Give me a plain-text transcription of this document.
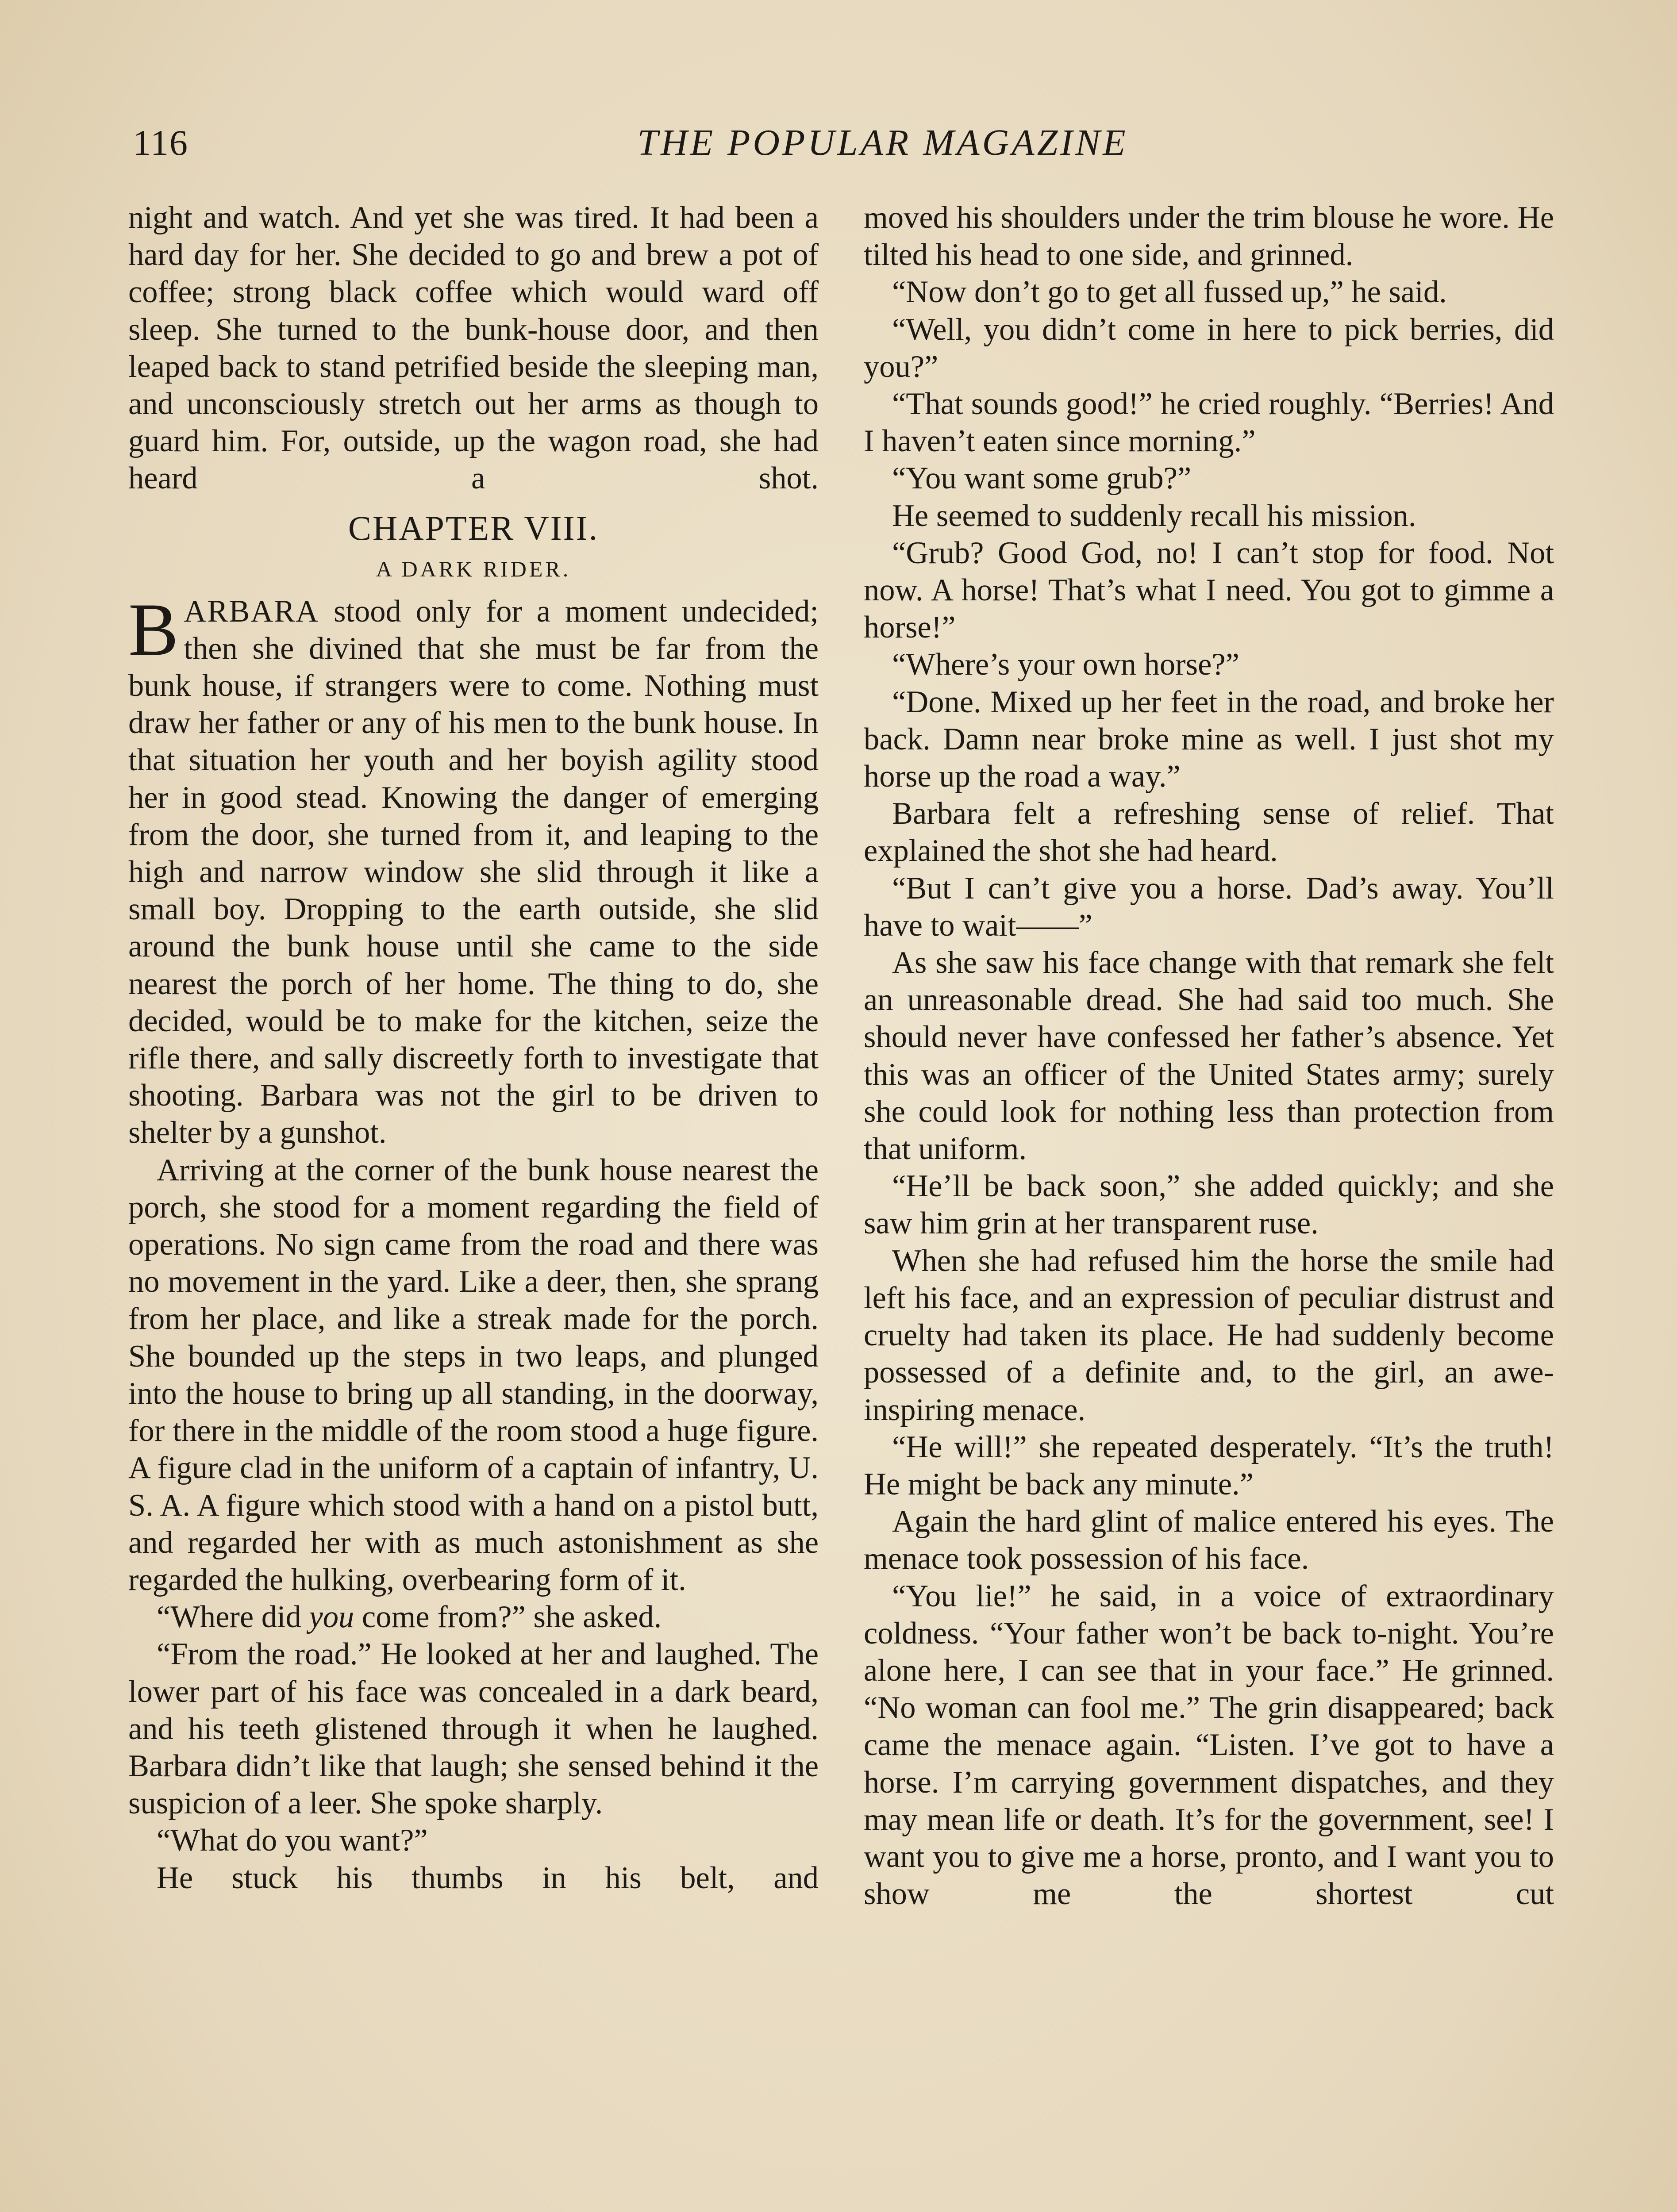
116	THE POPULAR MAGAZINE

night and watch. And yet she was tired. It had been a hard day for her. She decided to go and brew a pot of coffee; strong black coffee which would ward off sleep. She turned to the bunk-house door, and then leaped back to stand petrified beside the sleeping man, and unconsciously stretch out her arms as though to guard him. For, outside, up the wagon road, she had heard a shot.

CHAPTER VIII.
A DARK RIDER.

BARBARA stood only for a moment undecided; then she divined that she must be far from the bunk house, if strangers were to come. Nothing must draw her father or any of his men to the bunk house. In that situation her youth and her boyish agility stood her in good stead. Knowing the danger of emerging from the door, she turned from it, and leaping to the high and narrow window she slid through it like a small boy. Dropping to the earth outside, she slid around the bunk house until she came to the side nearest the porch of her home. The thing to do, she decided, would be to make for the kitchen, seize the rifle there, and sally discreetly forth to investigate that shooting. Barbara was not the girl to be driven to shelter by a gunshot.

Arriving at the corner of the bunk house nearest the porch, she stood for a moment regarding the field of operations. No sign came from the road and there was no movement in the yard. Like a deer, then, she sprang from her place, and like a streak made for the porch. She bounded up the steps in two leaps, and plunged into the house to bring up all standing, in the doorway, for there in the middle of the room stood a huge figure. A figure clad in the uniform of a captain of infantry, U. S. A. A figure which stood with a hand on a pistol butt, and regarded her with as much astonishment as she regarded the hulking, overbearing form of it.

“Where did you come from?” she asked.

“From the road.” He looked at her and laughed. The lower part of his face was concealed in a dark beard, and his teeth glistened through it when he laughed. Barbara didn’t like that laugh; she sensed behind it the suspicion of a leer. She spoke sharply.

“What do you want?”

He stuck his thumbs in his belt, and

moved his shoulders under the trim blouse he wore. He tilted his head to one side, and grinned.

“Now don’t go to get all fussed up,” he said.

“Well, you didn’t come in here to pick berries, did you?”

“That sounds good!” he cried roughly. “Berries! And I haven’t eaten since morning.”

“You want some grub?”

He seemed to suddenly recall his mission.

“Grub? Good God, no! I can’t stop for food. Not now. A horse! That’s what I need. You got to gimme a horse!”

“Where’s your own horse?”

“Done. Mixed up her feet in the road, and broke her back. Damn near broke mine as well. I just shot my horse up the road a way.”

Barbara felt a refreshing sense of relief. That explained the shot she had heard.

“But I can’t give you a horse. Dad’s away. You’ll have to wait——”

As she saw his face change with that remark she felt an unreasonable dread. She had said too much. She should never have confessed her father’s absence. Yet this was an officer of the United States army; surely she could look for nothing less than protection from that uniform.

“He’ll be back soon,” she added quickly; and she saw him grin at her transparent ruse.

When she had refused him the horse the smile had left his face, and an expression of peculiar distrust and cruelty had taken its place. He had suddenly become possessed of a definite and, to the girl, an awe-inspiring menace.

“He will!” she repeated desperately. “It’s the truth! He might be back any minute.”

Again the hard glint of malice entered his eyes. The menace took possession of his face.

“You lie!” he said, in a voice of extraordinary coldness. “Your father won’t be back to-night. You’re alone here, I can see that in your face.” He grinned. “No woman can fool me.” The grin disappeared; back came the menace again. “Listen. I’ve got to have a horse. I’m carrying government dispatches, and they may mean life or death. It’s for the government, see! I want you to give me a horse, pronto, and I want you to show me the shortest cut
